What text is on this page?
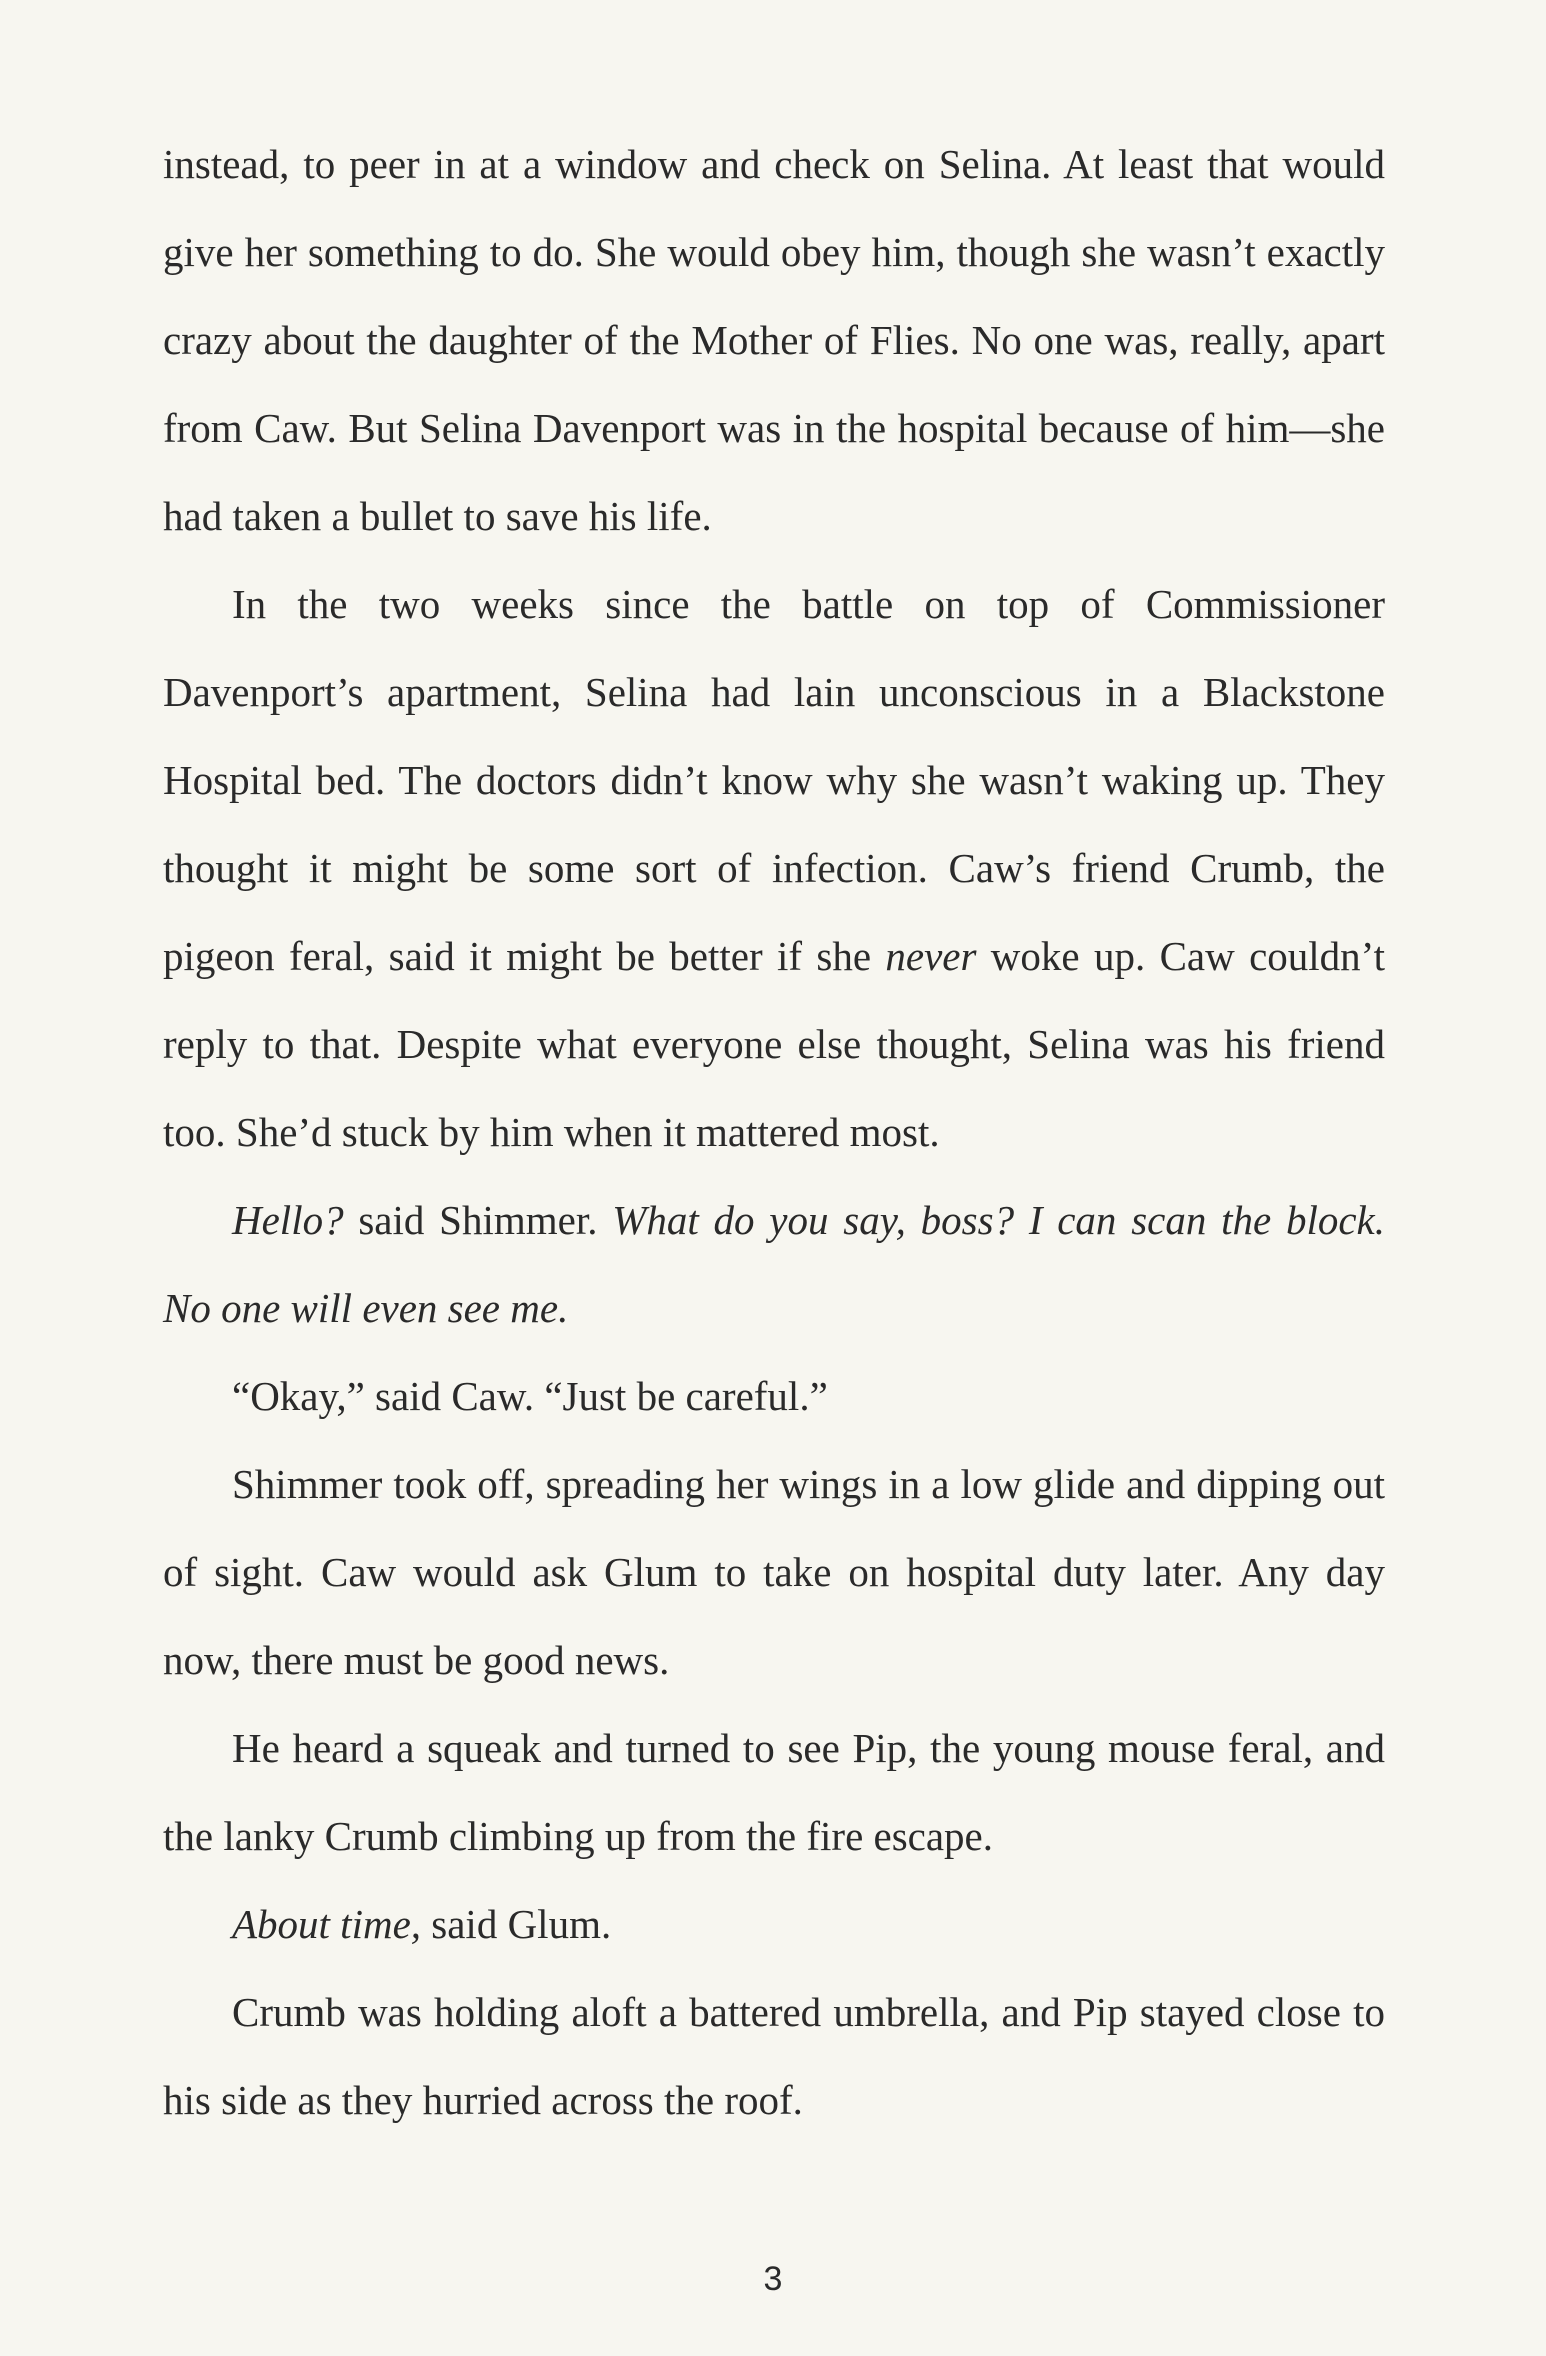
instead, to peer in at a window and check on Selina. At least that would give her something to do. She would obey him, though she wasn’t exactly crazy about the daughter of the Mother of Flies. No one was, really, apart from Caw. But Selina Davenport was in the hospital because of him—she had taken a bullet to save his life.

In the two weeks since the battle on top of Commissioner Davenport’s apartment, Selina had lain unconscious in a Blackstone Hospital bed. The doctors didn’t know why she wasn’t waking up. They thought it might be some sort of infection. Caw’s friend Crumb, the pigeon feral, said it might be better if she never woke up. Caw couldn’t reply to that. Despite what everyone else thought, Selina was his friend too. She’d stuck by him when it mattered most.

Hello? said Shimmer. What do you say, boss? I can scan the block. No one will even see me.

“Okay,” said Caw. “Just be careful.”

Shimmer took off, spreading her wings in a low glide and dipping out of sight. Caw would ask Glum to take on hospital duty later. Any day now, there must be good news.

He heard a squeak and turned to see Pip, the young mouse feral, and the lanky Crumb climbing up from the fire escape.

About time, said Glum.

Crumb was holding aloft a battered umbrella, and Pip stayed close to his side as they hurried across the roof.

3
